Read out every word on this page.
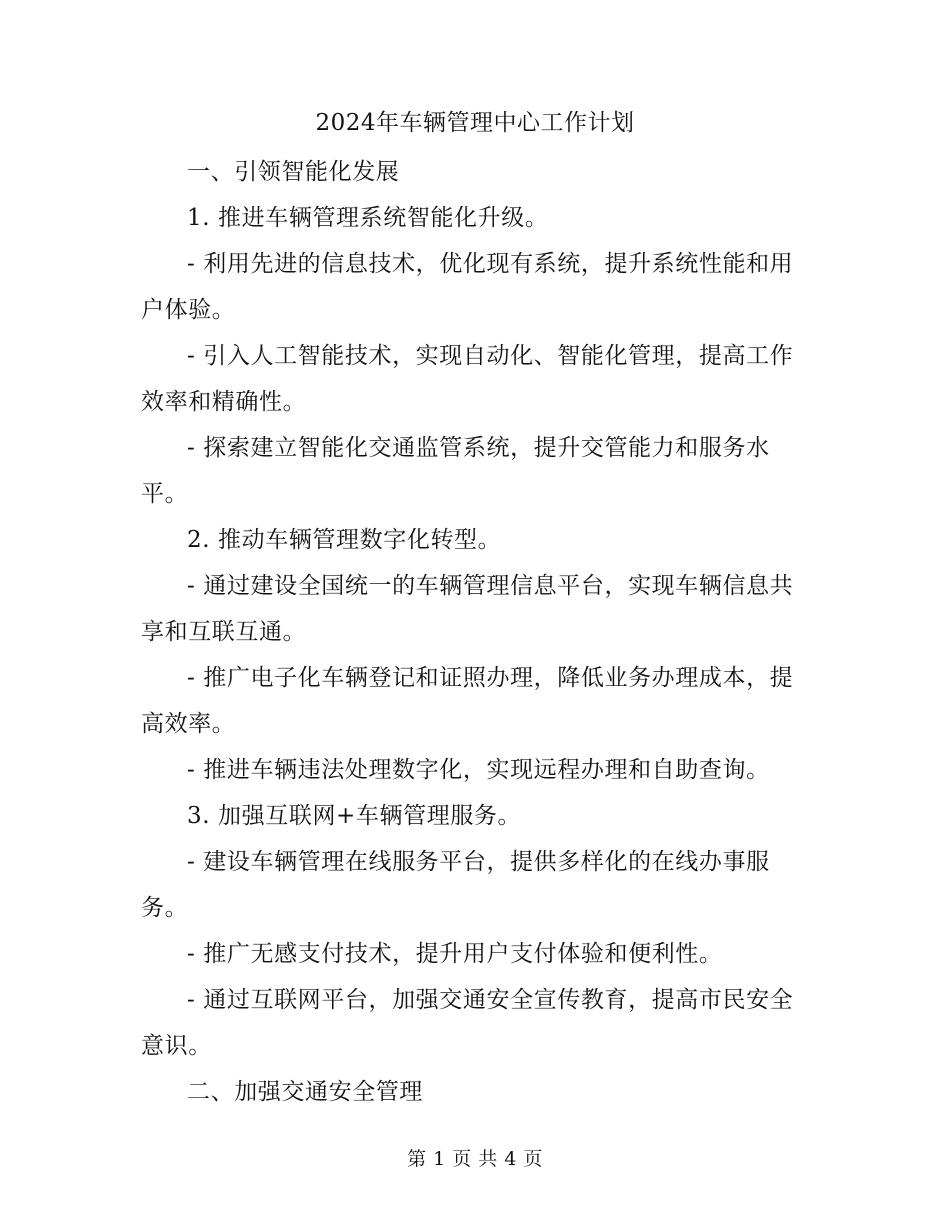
2024年车辆管理中心工作计划

一、引领智能化发展

1. 推进车辆管理系统智能化升级。

- 利用先进的信息技术，优化现有系统，提升系统性能和用户体验。

- 引入人工智能技术，实现自动化、智能化管理，提高工作效率和精确性。

- 探索建立智能化交通监管系统，提升交管能力和服务水平。

2. 推动车辆管理数字化转型。

- 通过建设全国统一的车辆管理信息平台，实现车辆信息共享和互联互通。

- 推广电子化车辆登记和证照办理，降低业务办理成本，提高效率。

- 推进车辆违法处理数字化，实现远程办理和自助查询。

3. 加强互联网+车辆管理服务。

- 建设车辆管理在线服务平台，提供多样化的在线办事服务。

- 推广无感支付技术，提升用户支付体验和便利性。

- 通过互联网平台，加强交通安全宣传教育，提高市民安全意识。

二、加强交通安全管理

第 1 页 共 4 页
